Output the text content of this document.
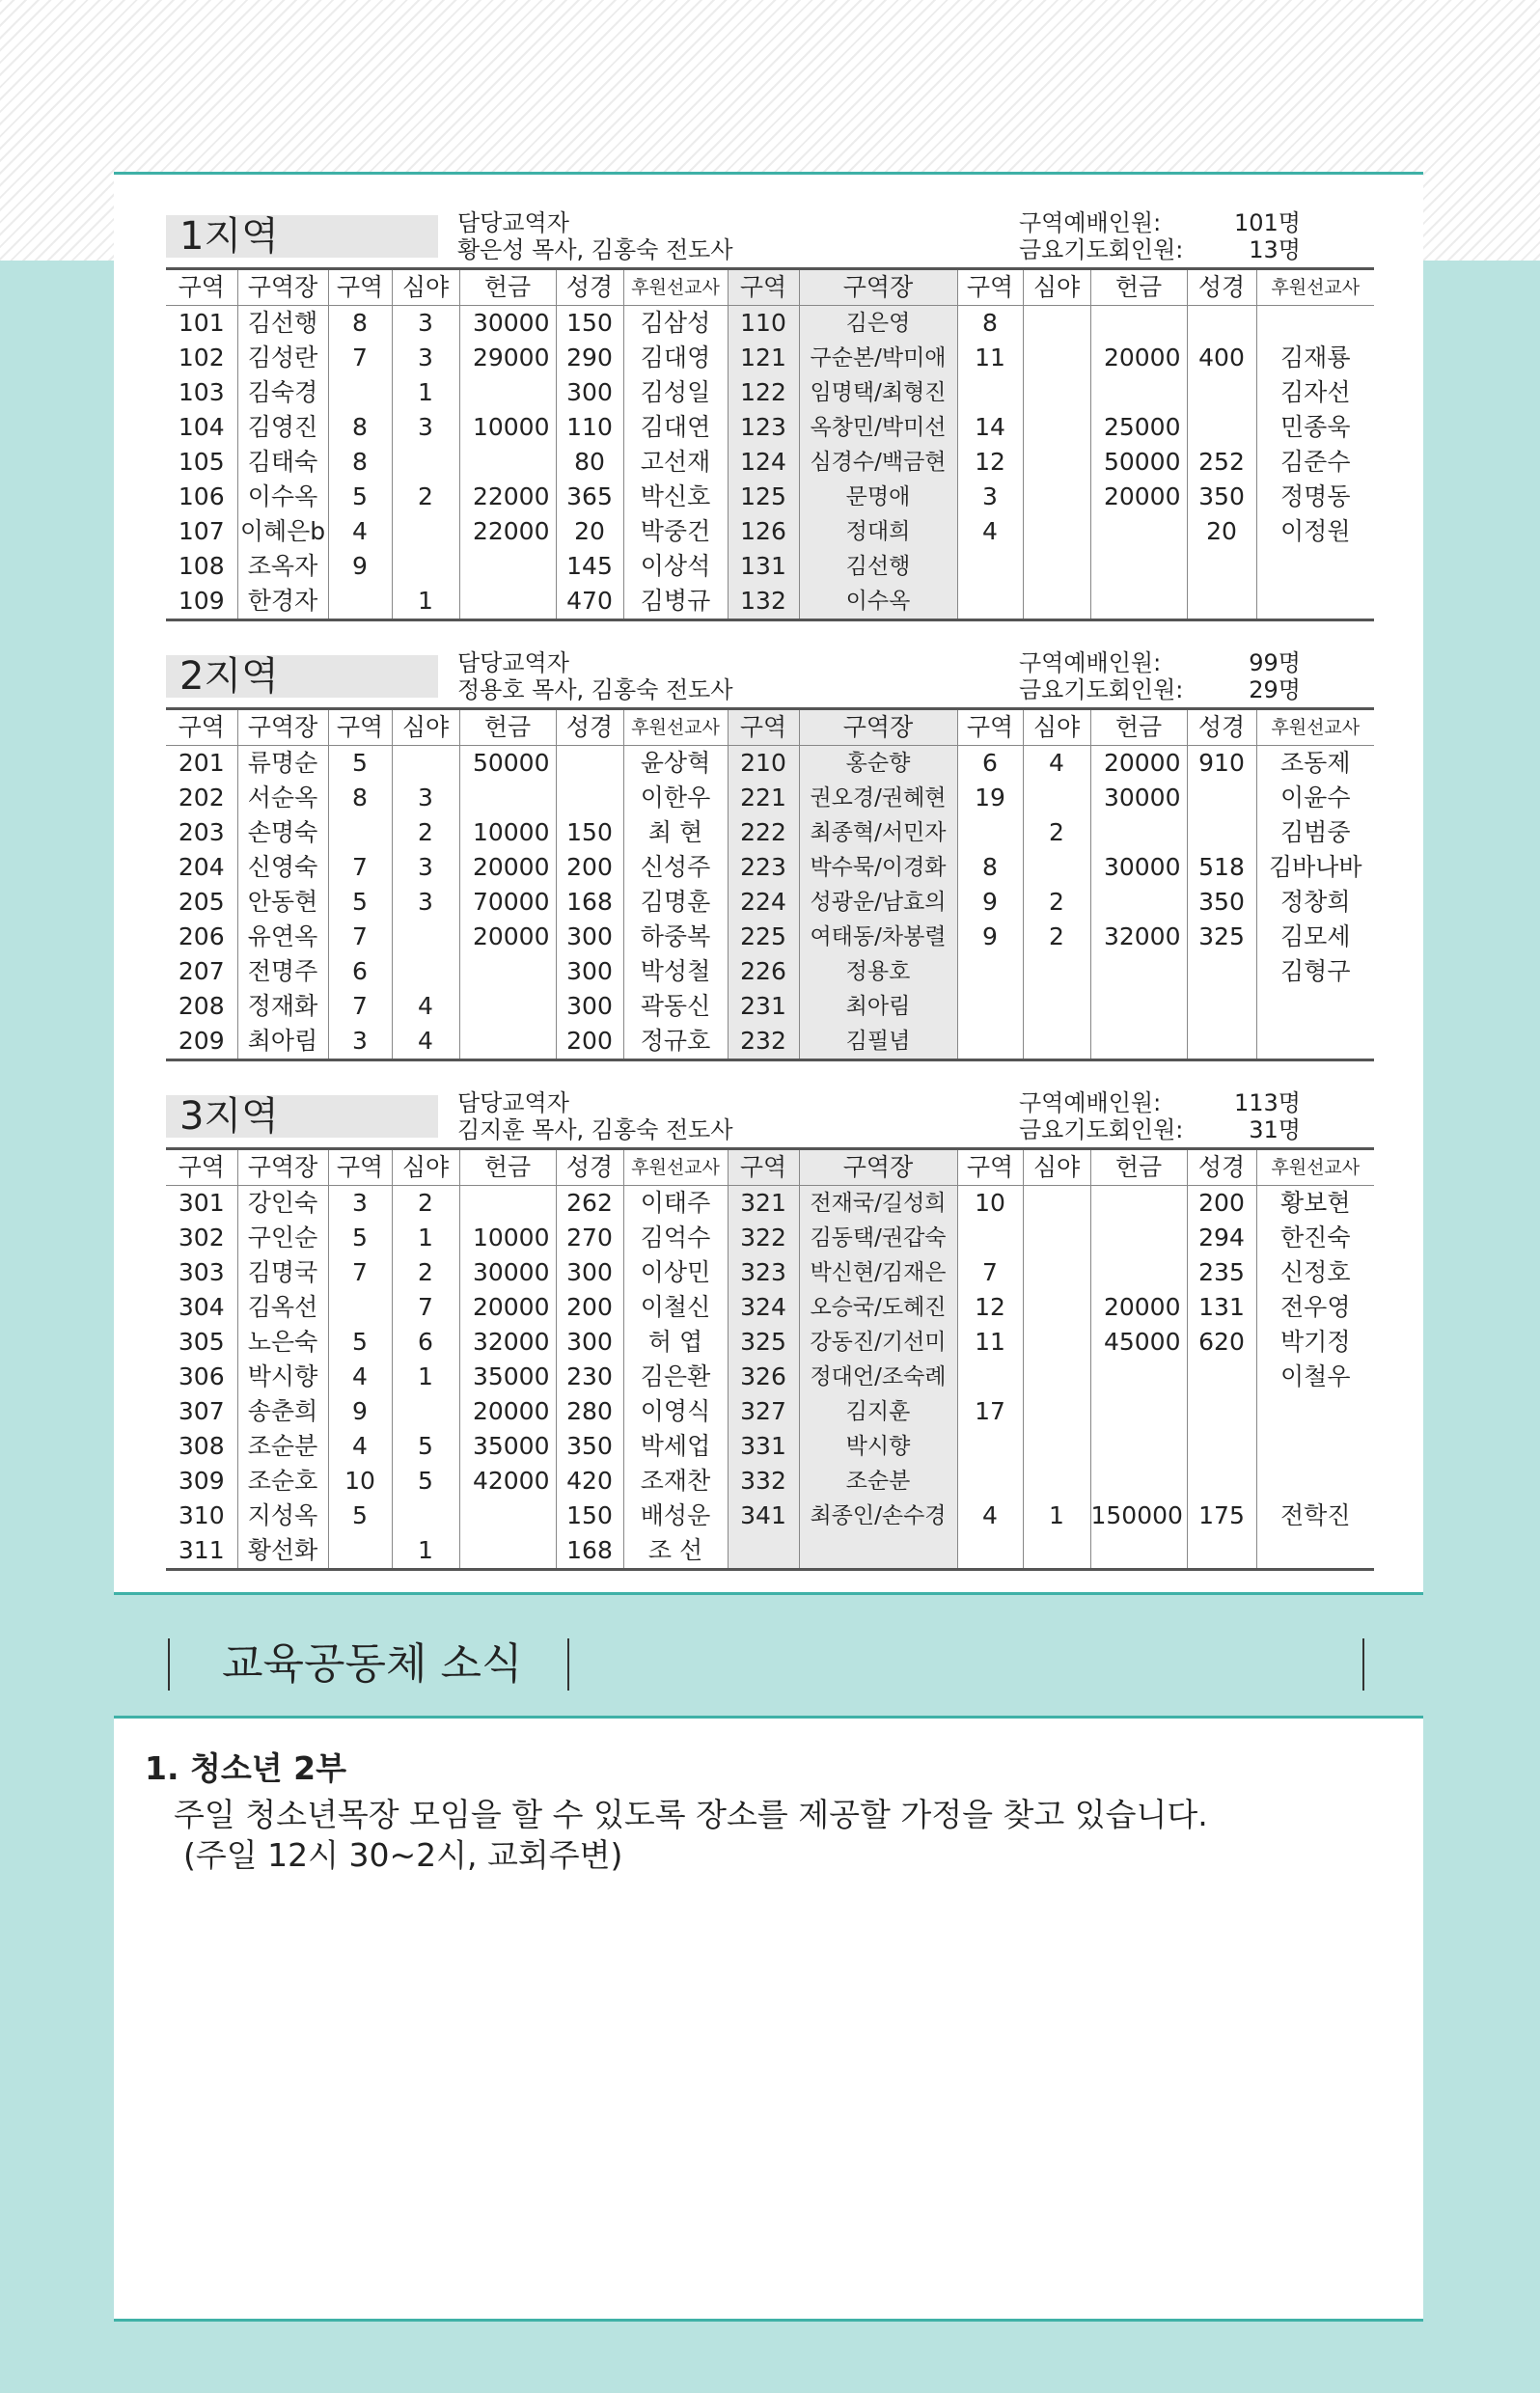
1지역	담당교역자
황은성 목사, 김홍숙 전도사
구역예배인원:	101명
금요기도회인원:	13명
구역	구역장	구역	심야	헌금	성경	후원선교사	구역	구역장	구역	심야	헌금	성경	후원선교사
101	김선행	8	3	30000	150	김삼성	110	김은영	8				
102	김성란	7	3	29000	290	김대영	121	구순본/박미애	11		20000	400	김재룡
103	김숙경		1		300	김성일	122	임명택/최형진					김자선
104	김영진	8	3	10000	110	김대연	123	옥창민/박미선	14		25000		민종욱
105	김태숙	8			80	고선재	124	심경수/백금현	12		50000	252	김준수
106	이수옥	5	2	22000	365	박신호	125	문명애	3		20000	350	정명동
107	이혜은b	4		22000	20	박중건	126	정대희	4			20	이정원
108	조옥자	9			145	이상석	131	김선행					
109	한경자		1		470	김병규	132	이수옥					
2지역	담당교역자
정용호 목사, 김홍숙 전도사
구역예배인원:	99명
금요기도회인원:	29명
구역	구역장	구역	심야	헌금	성경	후원선교사	구역	구역장	구역	심야	헌금	성경	후원선교사
201	류명순	5		50000		윤상혁	210	홍순향	6	4	20000	910	조동제
202	서순옥	8	3			이한우	221	권오경/권혜현	19		30000		이윤수
203	손명숙		2	10000	150	최 현	222	최종혁/서민자		2			김범중
204	신영숙	7	3	20000	200	신성주	223	박수묵/이경화	8		30000	518	김바나바
205	안동현	5	3	70000	168	김명훈	224	성광운/남효의	9	2		350	정창희
206	유연옥	7		20000	300	하중복	225	여태동/차봉렬	9	2	32000	325	김모세
207	전명주	6			300	박성철	226	정용호					김형구
208	정재화	7	4		300	곽동신	231	최아림					
209	최아림	3	4		200	정규호	232	김필념					
3지역	담당교역자
김지훈 목사, 김홍숙 전도사
구역예배인원:	113명
금요기도회인원:	31명
구역	구역장	구역	심야	헌금	성경	후원선교사	구역	구역장	구역	심야	헌금	성경	후원선교사
301	강인숙	3	2		262	이태주	321	전재국/길성희	10			200	황보현
302	구인순	5	1	10000	270	김억수	322	김동택/권갑숙				294	한진숙
303	김명국	7	2	30000	300	이상민	323	박신현/김재은	7			235	신정호
304	김옥선		7	20000	200	이철신	324	오승국/도혜진	12		20000	131	전우영
305	노은숙	5	6	32000	300	허 엽	325	강동진/기선미	11		45000	620	박기정
306	박시향	4	1	35000	230	김은환	326	정대언/조숙례					이철우
307	송춘희	9		20000	280	이영식	327	김지훈	17				
308	조순분	4	5	35000	350	박세업	331	박시향					
309	조순호	10	5	42000	420	조재찬	332	조순분					
310	지성옥	5			150	배성운	341	최종인/손수경	4	1	150000	175	전학진
311	황선화		1		168	조 선							
교육공동체 소식
1. 청소년 2부
주일 청소년목장 모임을 할 수 있도록 장소를 제공할 가정을 찾고 있습니다.
(주일 12시 30~2시, 교회주변)
